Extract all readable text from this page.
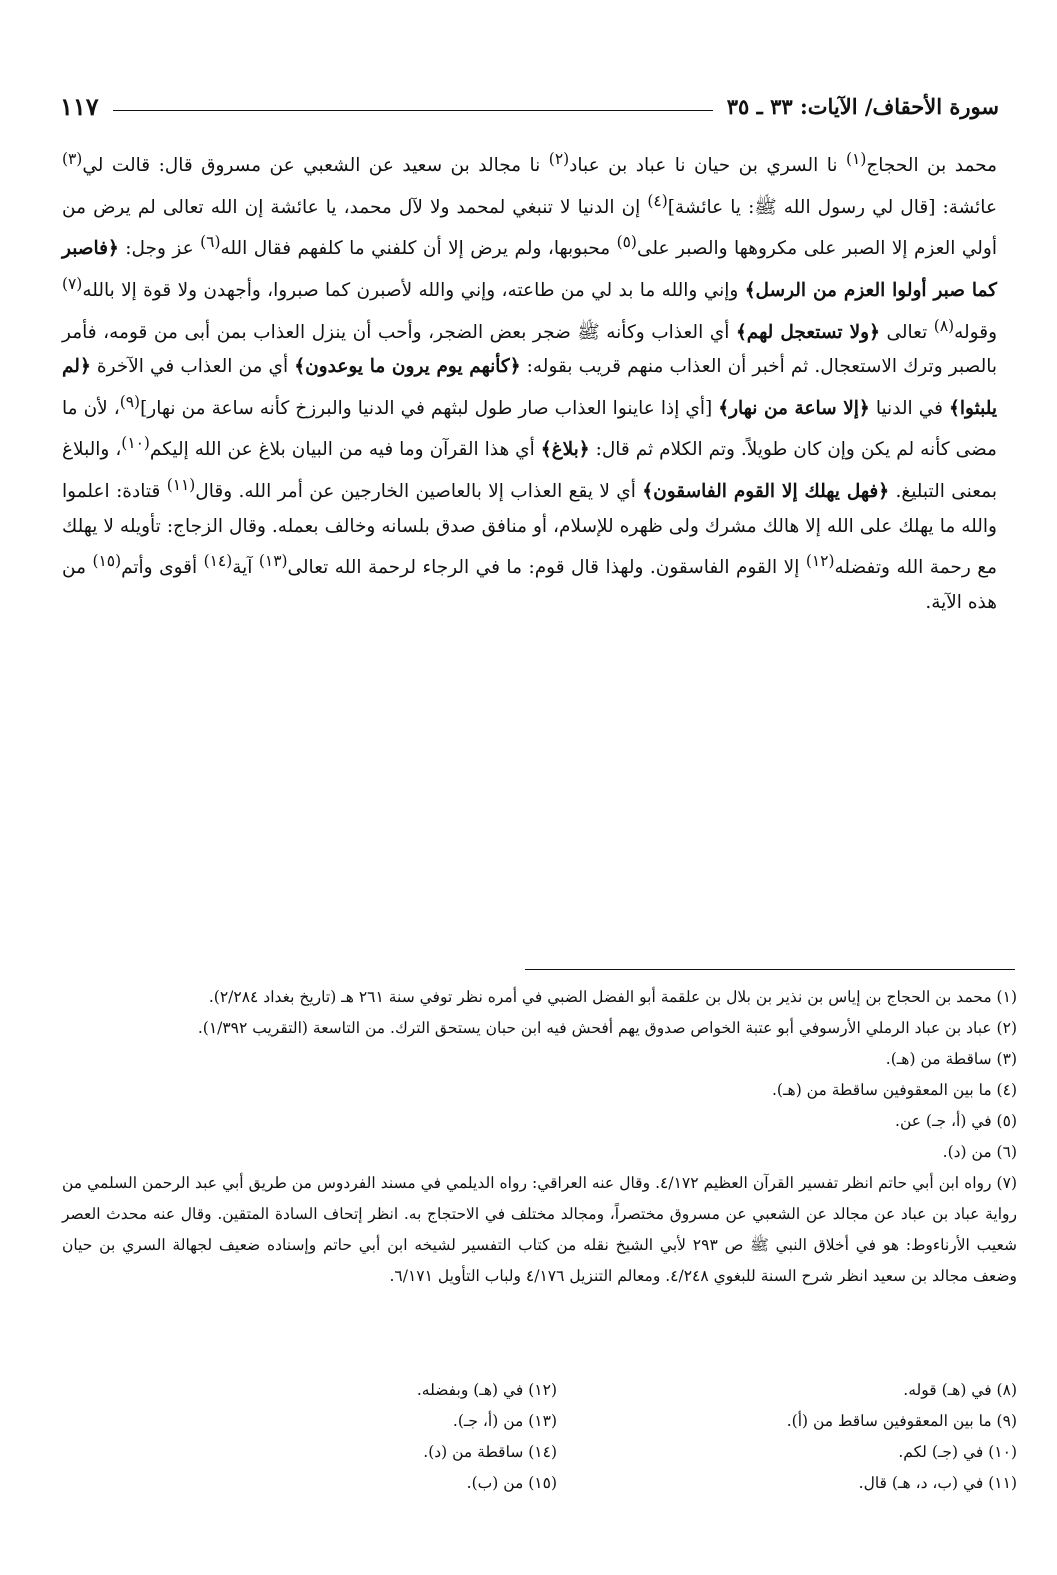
سورة الأحقاف/ الآيات: ٣٣ ـ ٣٥
١١٧

محمد بن الحجاج$^{(١)}$ نا السري بن حيان نا عباد بن عباد$^{(٢)}$ نا مجالد بن سعيد عن الشعبي عن مسروق قال: قالت لي$^{(٣)}$ عائشة: [قال لي رسول الله ﷺ: يا عائشة]$^{(٤)}$ إن الدنيا لا تنبغي لمحمد ولا لآل محمد، يا عائشة إن الله تعالى لم يرض من أولي العزم إلا الصبر على مكروهها والصبر على$^{(٥)}$ محبوبها، ولم يرض إلا أن كلفني ما كلفهم فقال الله$^{(٦)}$ عز وجل: ﴿فاصبر كما صبر أولوا العزم من الرسل﴾ وإني والله ما بد لي من طاعته، وإني والله لأصبرن كما صبروا، وأجهدن ولا قوة إلا بالله$^{(٧)}$ وقوله$^{(٨)}$ تعالى ﴿ولا تستعجل لهم﴾ أي العذاب وكأنه ﷺ ضجر بعض الضجر، وأحب أن ينزل العذاب بمن أبى من قومه، فأمر بالصبر وترك الاستعجال. ثم أخبر أن العذاب منهم قريب بقوله: ﴿كأنهم يوم يرون ما يوعدون﴾ أي من العذاب في الآخرة ﴿لم يلبثوا﴾ في الدنيا ﴿إلا ساعة من نهار﴾ [أي إذا عاينوا العذاب صار طول لبثهم في الدنيا والبرزخ كأنه ساعة من نهار]$^{(٩)}$، لأن ما مضى كأنه لم يكن وإن كان طويلاً. وتم الكلام ثم قال: ﴿بلاغ﴾ أي هذا القرآن وما فيه من البيان بلاغ عن الله إليكم$^{(١٠)}$، والبلاغ بمعنى التبليغ. ﴿فهل يهلك إلا القوم الفاسقون﴾ أي لا يقع العذاب إلا بالعاصين الخارجين عن أمر الله. وقال$^{(١١)}$ قتادة: اعلموا والله ما يهلك على الله إلا هالك مشرك ولى ظهره للإسلام، أو منافق صدق بلسانه وخالف بعمله. وقال الزجاج: تأويله لا يهلك مع رحمة الله وتفضله$^{(١٢)}$ إلا القوم الفاسقون. ولهذا قال قوم: ما في الرجاء لرحمة الله تعالى$^{(١٣)}$ آية$^{(١٤)}$ أقوى وأتم$^{(١٥)}$ من هذه الآية.

(١) محمد بن الحجاج بن إياس بن نذير بن بلال بن علقمة أبو الفضل الضبي في أمره نظر توفي سنة ٢٦١ هـ (تاريخ بغداد ٢/٢٨٤).

(٢) عباد بن عباد الرملي الأرسوفي أبو عتبة الخواص صدوق يهم أفحش فيه ابن حبان يستحق الترك. من التاسعة (التقريب ١/٣٩٢).

(٣) ساقطة من (هـ).

(٤) ما بين المعقوفين ساقطة من (هـ).

(٥) في (أ، جـ) عن.

(٦) من (د).

(٧) رواه ابن أبي حاتم انظر تفسير القرآن العظيم ٤/١٧٢. وقال عنه العراقي: رواه الديلمي في مسند الفردوس من طريق أبي عبد الرحمن السلمي من رواية عباد بن عباد عن مجالد عن الشعبي عن مسروق مختصراً، ومجالد مختلف في الاحتجاج به. انظر إتحاف السادة المتقين. وقال عنه محدث العصر شعيب الأرناءوط: هو في أخلاق النبي ﷺ ص ٢٩٣ لأبي الشيخ نقله من كتاب التفسير لشيخه ابن أبي حاتم وإسناده ضعيف لجهالة السري بن حيان وضعف مجالد بن سعيد انظر شرح السنة للبغوي ٤/٢٤٨. ومعالم التنزيل ٤/١٧٦ ولباب التأويل ٦/١٧١.

(٨) في (هـ) قوله.

(٩) ما بين المعقوفين ساقط من (أ).

(١٠) في (جـ) لكم.

(١١) في (ب، د، هـ) قال.

(١٢) في (هـ) وبفضله.

(١٣) من (أ، جـ).

(١٤) ساقطة من (د).

(١٥) من (ب).
